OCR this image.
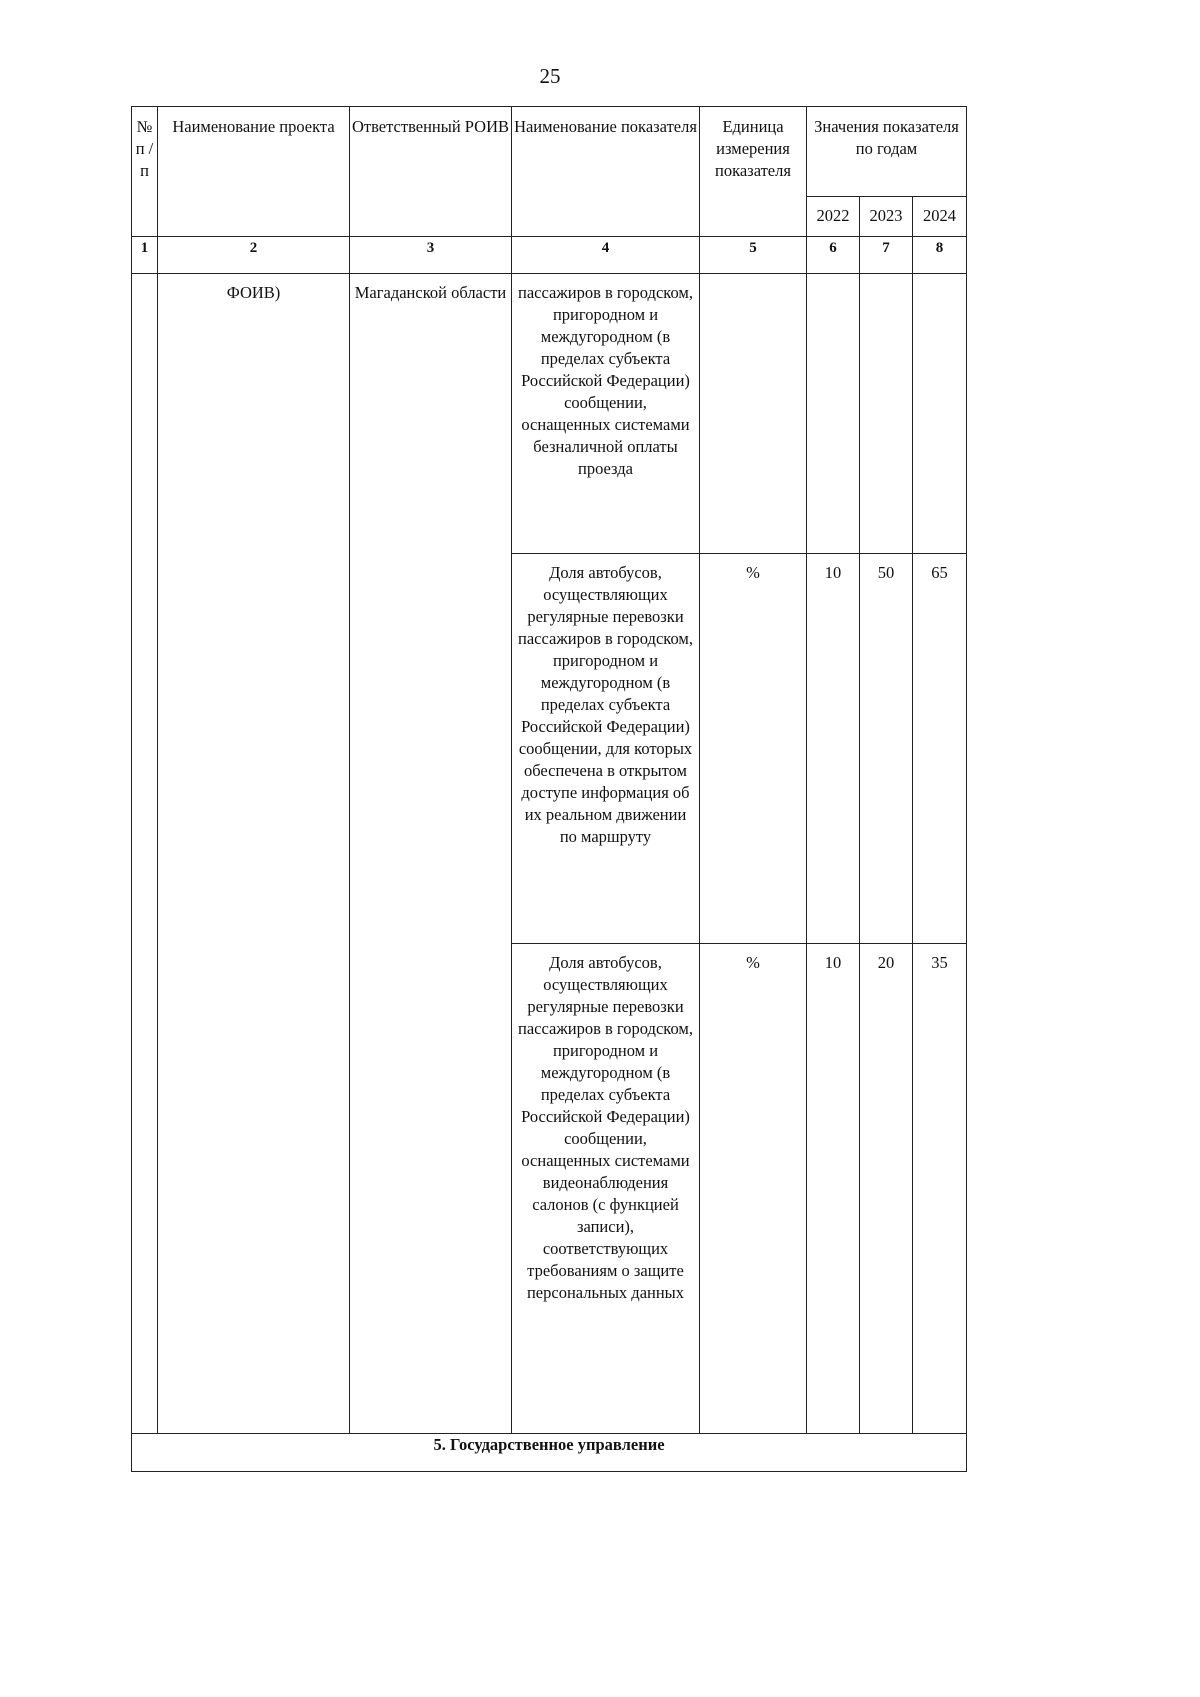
25
№ п / п	Наименование проекта	Ответственный РОИВ	Наименование показателя	Единица измерения показателя	Значения показателя по годам		
					2022	2023	2024
1	2	3	4	5	6	7	8
	ФОИВ)	Магаданской области	пассажиров в городском, пригородном и междугородном (в пределах субъекта Российской Федерации) сообщении, оснащенных системами безналичной оплаты проезда				
			Доля автобусов, осуществляющих регулярные перевозки пассажиров в городском, пригородном и междугородном (в пределах субъекта Российской Федерации) сообщении, для которых обеспечена в открытом доступе информация об их реальном движении по маршруту	%	10	50	65
			Доля автобусов, осуществляющих регулярные перевозки пассажиров в городском, пригородном и междугородном (в пределах субъекта Российской Федерации) сообщении, оснащенных системами видеонаблюдения салонов (с функцией записи), соответствующих требованиям о защите персональных данных	%	10	20	35
5. Государственное управление							
